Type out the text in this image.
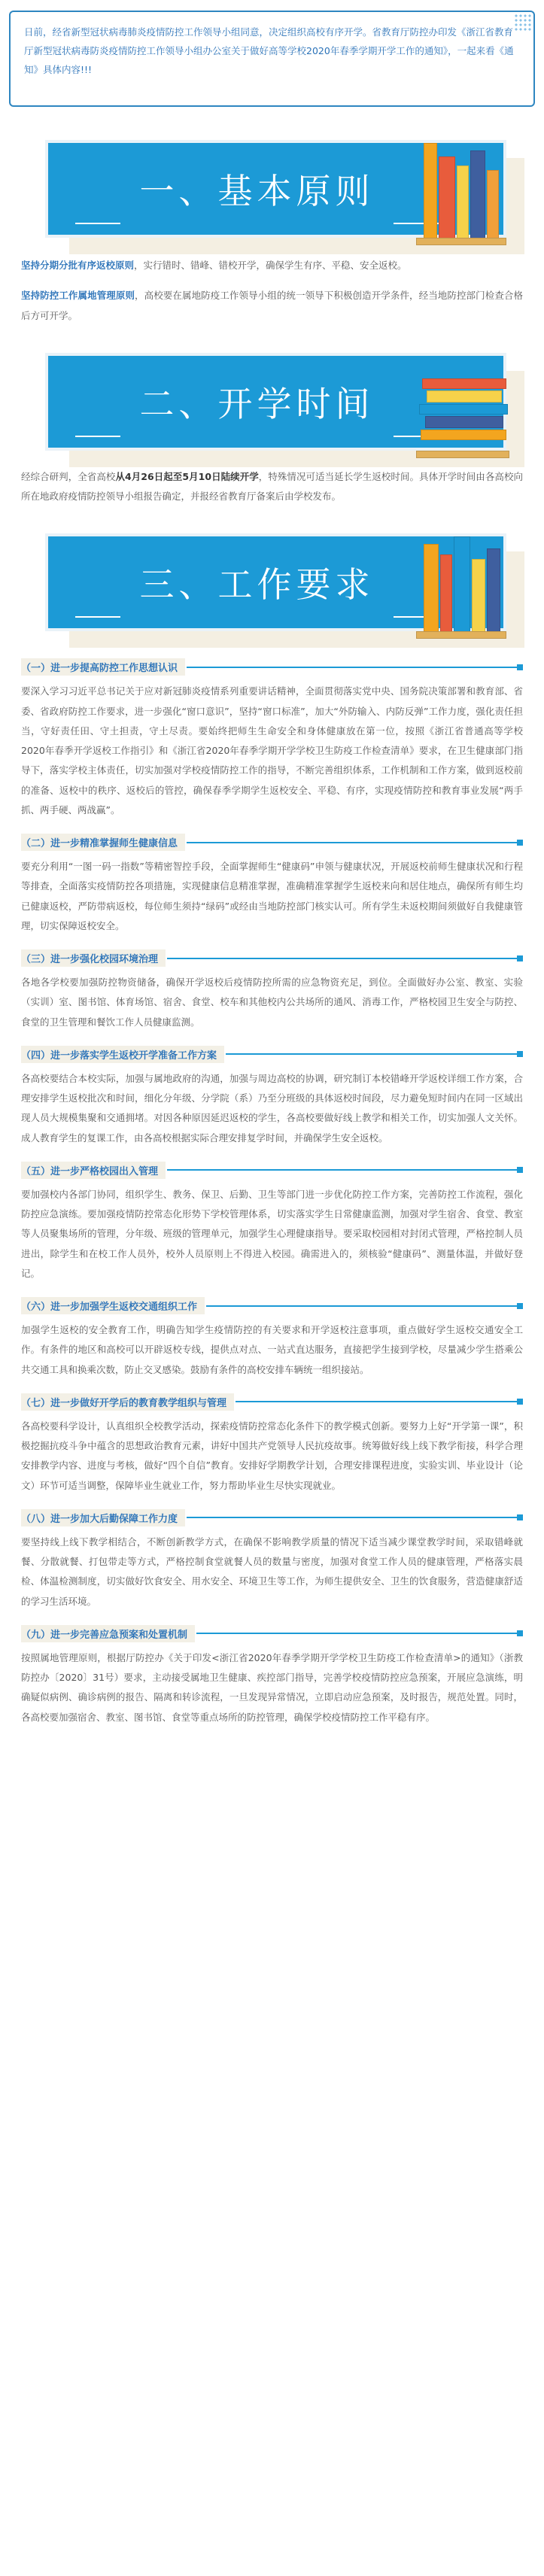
日前，经省新型冠状病毒肺炎疫情防控工作领导小组同意，决定组织高校有序开学。省教育厅防控办印发《浙江省教育厅新型冠状病毒防炎疫情防控工作领导小组办公室关于做好高等学校2020年春季学期开学工作的通知》，一起来看《通知》具体内容!!!

一、基本原则

坚持分期分批有序返校原则，实行错时、错峰、错校开学，确保学生有序、平稳、安全返校。

坚持防控工作属地管理原则，高校要在属地防疫工作领导小组的统一领导下积极创造开学条件，经当地防控部门检查合格后方可开学。

二、开学时间

经综合研判，全省高校从4月26日起至5月10日陆续开学，特殊情况可适当延长学生返校时间。具体开学时间由各高校向所在地政府疫情防控领导小组报告确定，并报经省教育厅备案后由学校发布。

三、工作要求
（一）进一步提高防控工作思想认识

要深入学习习近平总书记关于应对新冠肺炎疫情系列重要讲话精神，全面贯彻落实党中央、国务院决策部署和教育部、省委、省政府防控工作要求，进一步强化“窗口意识”，坚持“窗口标准”，加大“外防输入、内防反弹”工作力度，强化责任担当，守好责任田、守土担责，守土尽责。要始终把师生生命安全和身体健康放在第一位，按照《浙江省普通高等学校2020年春季开学返校工作指引》和《浙江省2020年春季学期开学学校卫生防疫工作检查清单》要求，在卫生健康部门指导下，落实学校主体责任，切实加强对学校疫情防控工作的指导，不断完善组织体系，工作机制和工作方案，做到返校前的准备、返校中的秩序、返校后的管控，确保春季学期学生返校安全、平稳、有序，实现疫情防控和教育事业发展“两手抓、两手硬、两战赢”。

（二）进一步精准掌握师生健康信息

要充分利用“一图一码一指数”等精密智控手段，全面掌握师生“健康码”申领与健康状况，开展返校前师生健康状况和行程等排查，全面落实疫情防控各项措施，实现健康信息精准掌握，准确精准掌握学生返校来向和居住地点，确保所有师生均已健康返校，严防带病返校，每位师生须持“绿码”或经由当地防控部门核实认可。所有学生未返校期间须做好自我健康管理，切实保障返校安全。

（三）进一步强化校园环境治理

各地各学校要加强防控物资储备，确保开学返校后疫情防控所需的应急物资充足，到位。全面做好办公室、教室、实验（实训）室、图书馆、体育场馆、宿舍、食堂、校车和其他校内公共场所的通风、消毒工作，严格校园卫生安全与防控、食堂的卫生管理和餐饮工作人员健康监测。

（四）进一步落实学生返校开学准备工作方案

各高校要结合本校实际，加强与属地政府的沟通，加强与周边高校的协调，研究制订本校错峰开学返校详细工作方案，合理安排学生返校批次和时间，细化分年级、分学院（系）乃至分班级的具体返校时间段，尽力避免短时间内在同一区域出现人员大规模集聚和交通拥堵。对因各种原因延迟返校的学生，各高校要做好线上教学和相关工作，切实加强人文关怀。成人教育学生的复课工作，由各高校根据实际合理安排复学时间，并确保学生安全返校。

（五）进一步严格校园出入管理

要加强校内各部门协同，组织学生、教务、保卫、后勤、卫生等部门进一步优化防控工作方案，完善防控工作流程，强化防控应急演练。要加强疫情防控常态化形势下学校管理体系，切实落实学生日常健康监测，加强对学生宿舍、食堂、教室等人员聚集场所的管理，分年级、班级的管理单元，加强学生心理健康指导。要采取校园相对封闭式管理，严格控制人员进出，除学生和在校工作人员外，校外人员原则上不得进入校园。确需进入的，须核验“健康码”、测量体温，并做好登记。

（六）进一步加强学生返校交通组织工作

加强学生返校的安全教育工作，明确告知学生疫情防控的有关要求和开学返校注意事项，重点做好学生返校交通安全工作。有条件的地区和高校可以开辟返校专线，提供点对点、一站式直达服务，直接把学生接到学校，尽量减少学生搭乘公共交通工具和换乘次数，防止交叉感染。鼓励有条件的高校安排车辆统一组织接站。

（七）进一步做好开学后的教育教学组织与管理

各高校要科学设计，认真组织全校教学活动，探索疫情防控常态化条件下的教学模式创新。要努力上好“开学第一课”，积极挖掘抗疫斗争中蕴含的思想政治教育元素，讲好中国共产党领导人民抗疫故事。统筹做好线上线下教学衔接，科学合理安排教学内容、进度与考核，做好“四个自信”教育。安排好学期教学计划，合理安排课程进度，实验实训、毕业设计（论文）环节可适当调整，保障毕业生就业工作，努力帮助毕业生尽快实现就业。

（八）进一步加大后勤保障工作力度

要坚持线上线下教学相结合，不断创新教学方式，在确保不影响教学质量的情况下适当减少课堂教学时间，采取错峰就餐、分散就餐、打包带走等方式，严格控制食堂就餐人员的数量与密度，加强对食堂工作人员的健康管理，严格落实晨检、体温检测制度，切实做好饮食安全、用水安全、环境卫生等工作，为师生提供安全、卫生的饮食服务，营造健康舒适的学习生活环境。

（九）进一步完善应急预案和处置机制

按照属地管理原则，根据厅防控办《关于印发<浙江省2020年春季学期开学学校卫生防疫工作检查清单>的通知》（浙教防控办〔2020〕31号）要求，主动接受属地卫生健康、疾控部门指导，完善学校疫情防控应急预案，开展应急演练，明确疑似病例、确诊病例的报告、隔离和转诊流程，一旦发现异常情况，立即启动应急预案，及时报告，规范处置。同时，各高校要加强宿舍、教室、图书馆、食堂等重点场所的防控管理，确保学校疫情防控工作平稳有序。
